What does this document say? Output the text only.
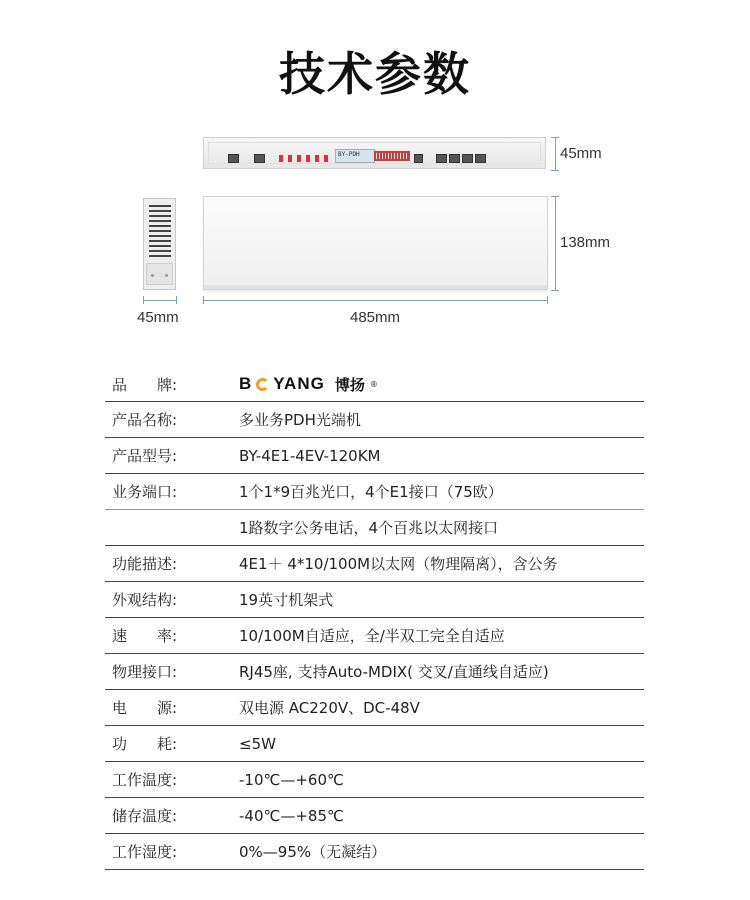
技术参数
BY-PDH	45mm
138mm
45mm	485mm
品　　牌:	B YANG 博扬 ®
产品名称:	多业务PDH光端机
产品型号:	BY-4E1-4EV-120KM
业务端口:	1个1*9百兆光口，4个E1接口（75欧）
1路数字公务电话，4个百兆以太网接口
功能描述:	4E1＋ 4*10/100M以太网（物理隔离），含公务
外观结构:	19英寸机架式
速　　率:	10/100M自适应，全/半双工完全自适应
物理接口:	RJ45座, 支持Auto-MDIX( 交叉/直通线自适应)
电　　源:	双电源 AC220V、DC-48V
功　　耗:	≤5W
工作温度:	-10℃—+60℃
储存温度:	-40℃—+85℃
工作湿度:	0%—95%（无凝结）
